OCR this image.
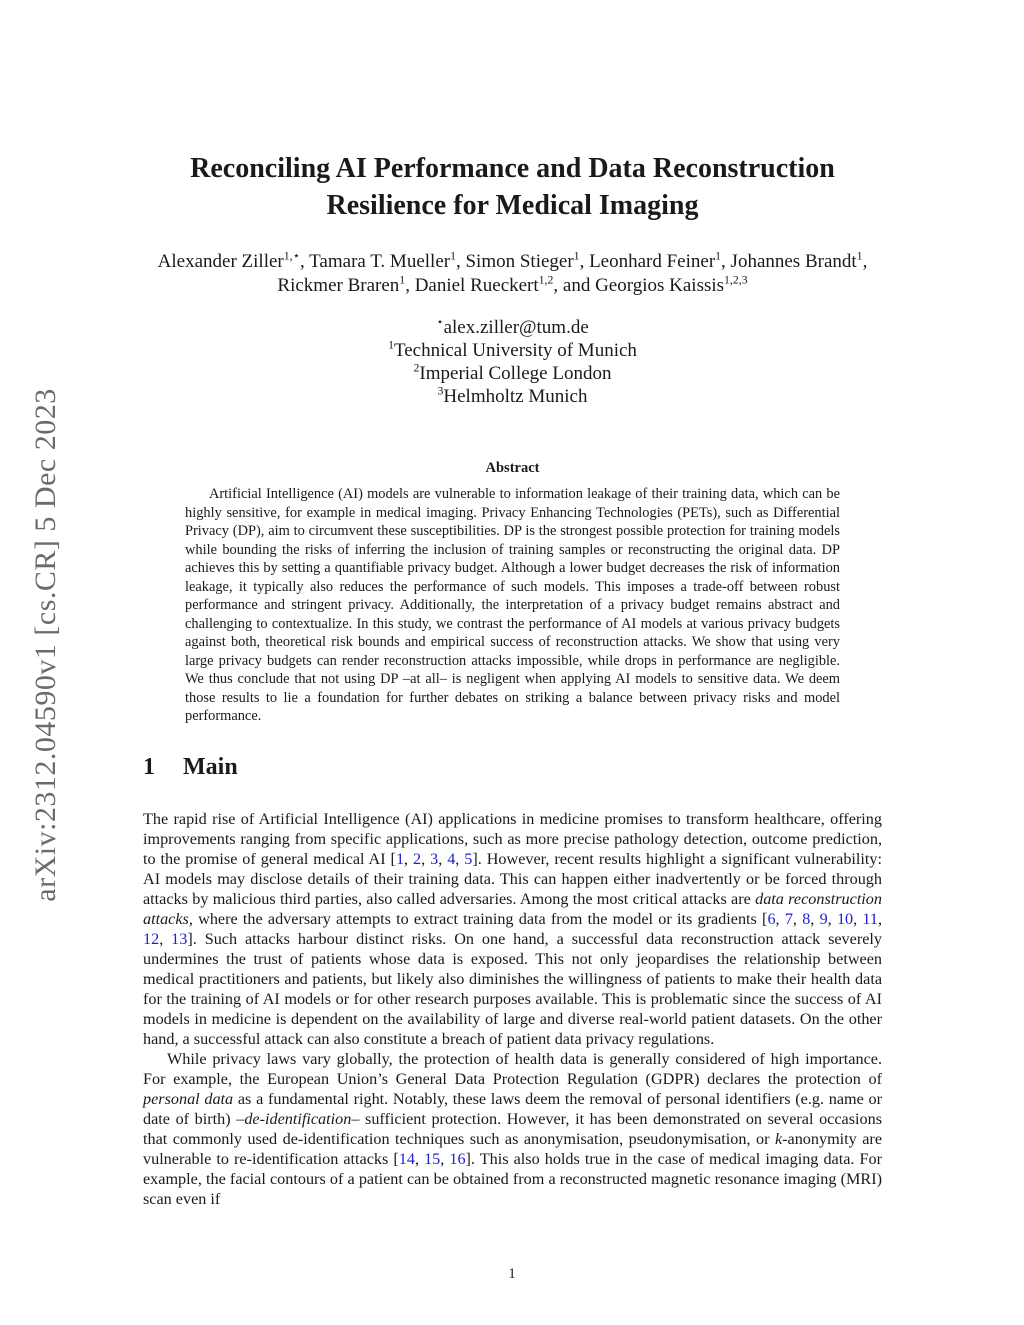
arXiv:2312.04590v1 [cs.CR] 5 Dec 2023
Reconciling AI Performance and Data Reconstruction
Resilience for Medical Imaging
Alexander Ziller$^{1,⋆}$, Tamara T. Mueller$^1$, Simon Stieger$^1$, Leonhard Feiner$^1$, Johannes Brandt$^1$, Rickmer Braren$^1$, Daniel Rueckert$^{1,2}$, and Georgios Kaissis$^{1,2,3}$
⋆alex.ziller@tum.de
$^1$Technical University of Munich
$^2$Imperial College London
$^3$Helmholtz Munich
Abstract

Artificial Intelligence (AI) models are vulnerable to information leakage of their training data, which can be highly sensitive, for example in medical imaging. Privacy Enhancing Technologies (PETs), such as Differential Privacy (DP), aim to circumvent these susceptibilities. DP is the strongest possible protection for training models while bounding the risks of inferring the inclusion of training samples or reconstructing the original data. DP achieves this by setting a quantifiable privacy budget. Although a lower budget decreases the risk of information leakage, it typically also reduces the performance of such models. This imposes a trade-off between robust performance and stringent privacy. Additionally, the interpretation of a privacy budget remains abstract and challenging to contextualize. In this study, we contrast the performance of AI models at various privacy budgets against both, theoretical risk bounds and empirical success of reconstruction attacks. We show that using very large privacy budgets can render reconstruction attacks impossible, while drops in performance are negligible. We thus conclude that not using DP –at all– is negligent when applying AI models to sensitive data. We deem those results to lie a foundation for further debates on striking a balance between privacy risks and model performance.

1	Main

The rapid rise of Artificial Intelligence (AI) applications in medicine promises to transform healthcare, offering improvements ranging from specific applications, such as more precise pathology detection, outcome prediction, to the promise of general medical AI [1, 2, 3, 4, 5]. However, recent results highlight a significant vulnerability: AI models may disclose details of their training data. This can happen either inadvertently or be forced through attacks by malicious third parties, also called adversaries. Among the most critical attacks are data reconstruction attacks, where the adversary attempts to extract training data from the model or its gradients [6, 7, 8, 9, 10, 11, 12, 13]. Such attacks harbour distinct risks. On one hand, a successful data reconstruction attack severely undermines the trust of patients whose data is exposed. This not only jeopardises the relationship between medical practitioners and patients, but likely also diminishes the willingness of patients to make their health data for the training of AI models or for other research purposes available. This is problematic since the success of AI models in medicine is dependent on the availability of large and diverse real-world patient datasets. On the other hand, a successful attack can also constitute a breach of patient data privacy regulations.

While privacy laws vary globally, the protection of health data is generally considered of high importance. For example, the European Union’s General Data Protection Regulation (GDPR) declares the protection of personal data as a fundamental right. Notably, these laws deem the removal of personal identifiers (e.g. name or date of birth) –de-identification– sufficient protection. However, it has been demonstrated on several occasions that commonly used de-identification techniques such as anonymisation, pseudonymisation, or k-anonymity are vulnerable to re-identification attacks [14, 15, 16]. This also holds true in the case of medical imaging data. For example, the facial contours of a patient can be obtained from a reconstructed magnetic resonance imaging (MRI) scan even if

1
